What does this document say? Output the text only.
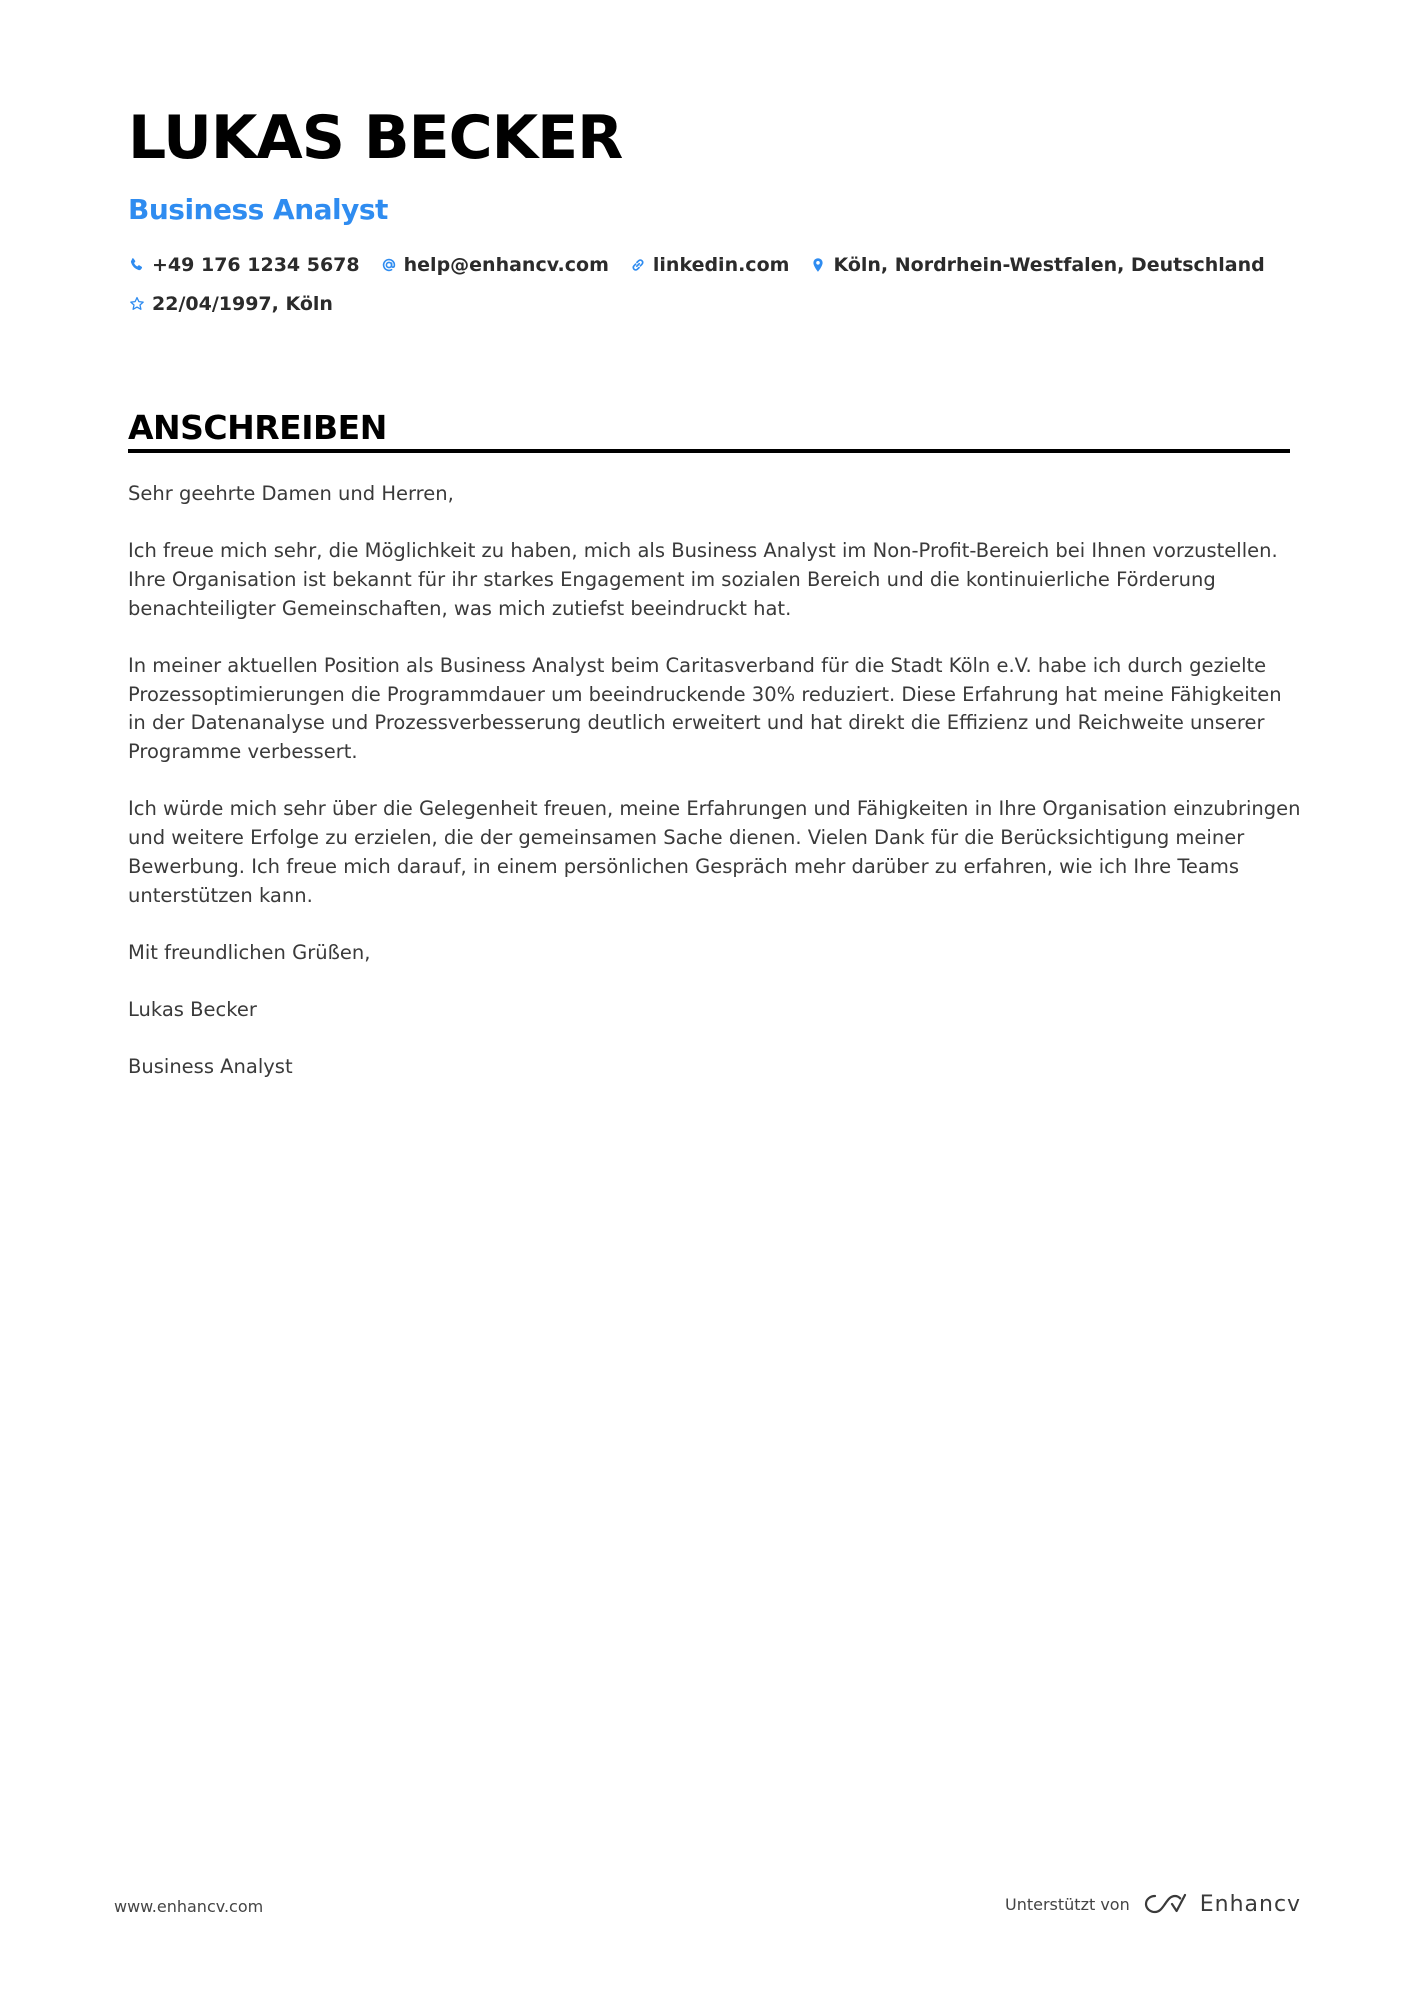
LUKAS BECKER
Business Analyst
+49 176 1234 5678 help@enhancv.com linkedin.com Köln, Nordrhein-Westfalen, Deutschland
22/04/1997, Köln
ANSCHREIBEN

Sehr geehrte Damen und Herren,

Ich freue mich sehr, die Möglichkeit zu haben, mich als Business Analyst im Non-Profit-Bereich bei Ihnen vorzustellen. Ihre Organisation ist bekannt für ihr starkes Engagement im sozialen Bereich und die kontinuierliche Förderung benachteiligter Gemeinschaften, was mich zutiefst beeindruckt hat.

In meiner aktuellen Position als Business Analyst beim Caritasverband für die Stadt Köln e.V. habe ich durch gezielte Prozessoptimierungen die Programmdauer um beeindruckende 30% reduziert. Diese Erfahrung hat meine Fähigkeiten in der Datenanalyse und Prozessverbesserung deutlich erweitert und hat direkt die Effizienz und Reichweite unserer Programme verbessert.

Ich würde mich sehr über die Gelegenheit freuen, meine Erfahrungen und Fähigkeiten in Ihre Organisation einzubringen und weitere Erfolge zu erzielen, die der gemeinsamen Sache dienen. Vielen Dank für die Berücksichtigung meiner Bewerbung. Ich freue mich darauf, in einem persönlichen Gespräch mehr darüber zu erfahren, wie ich Ihre Teams unterstützen kann.

Mit freundlichen Grüßen,

Lukas Becker

Business Analyst

www.enhancv.com	Unterstützt von	Enhancv
